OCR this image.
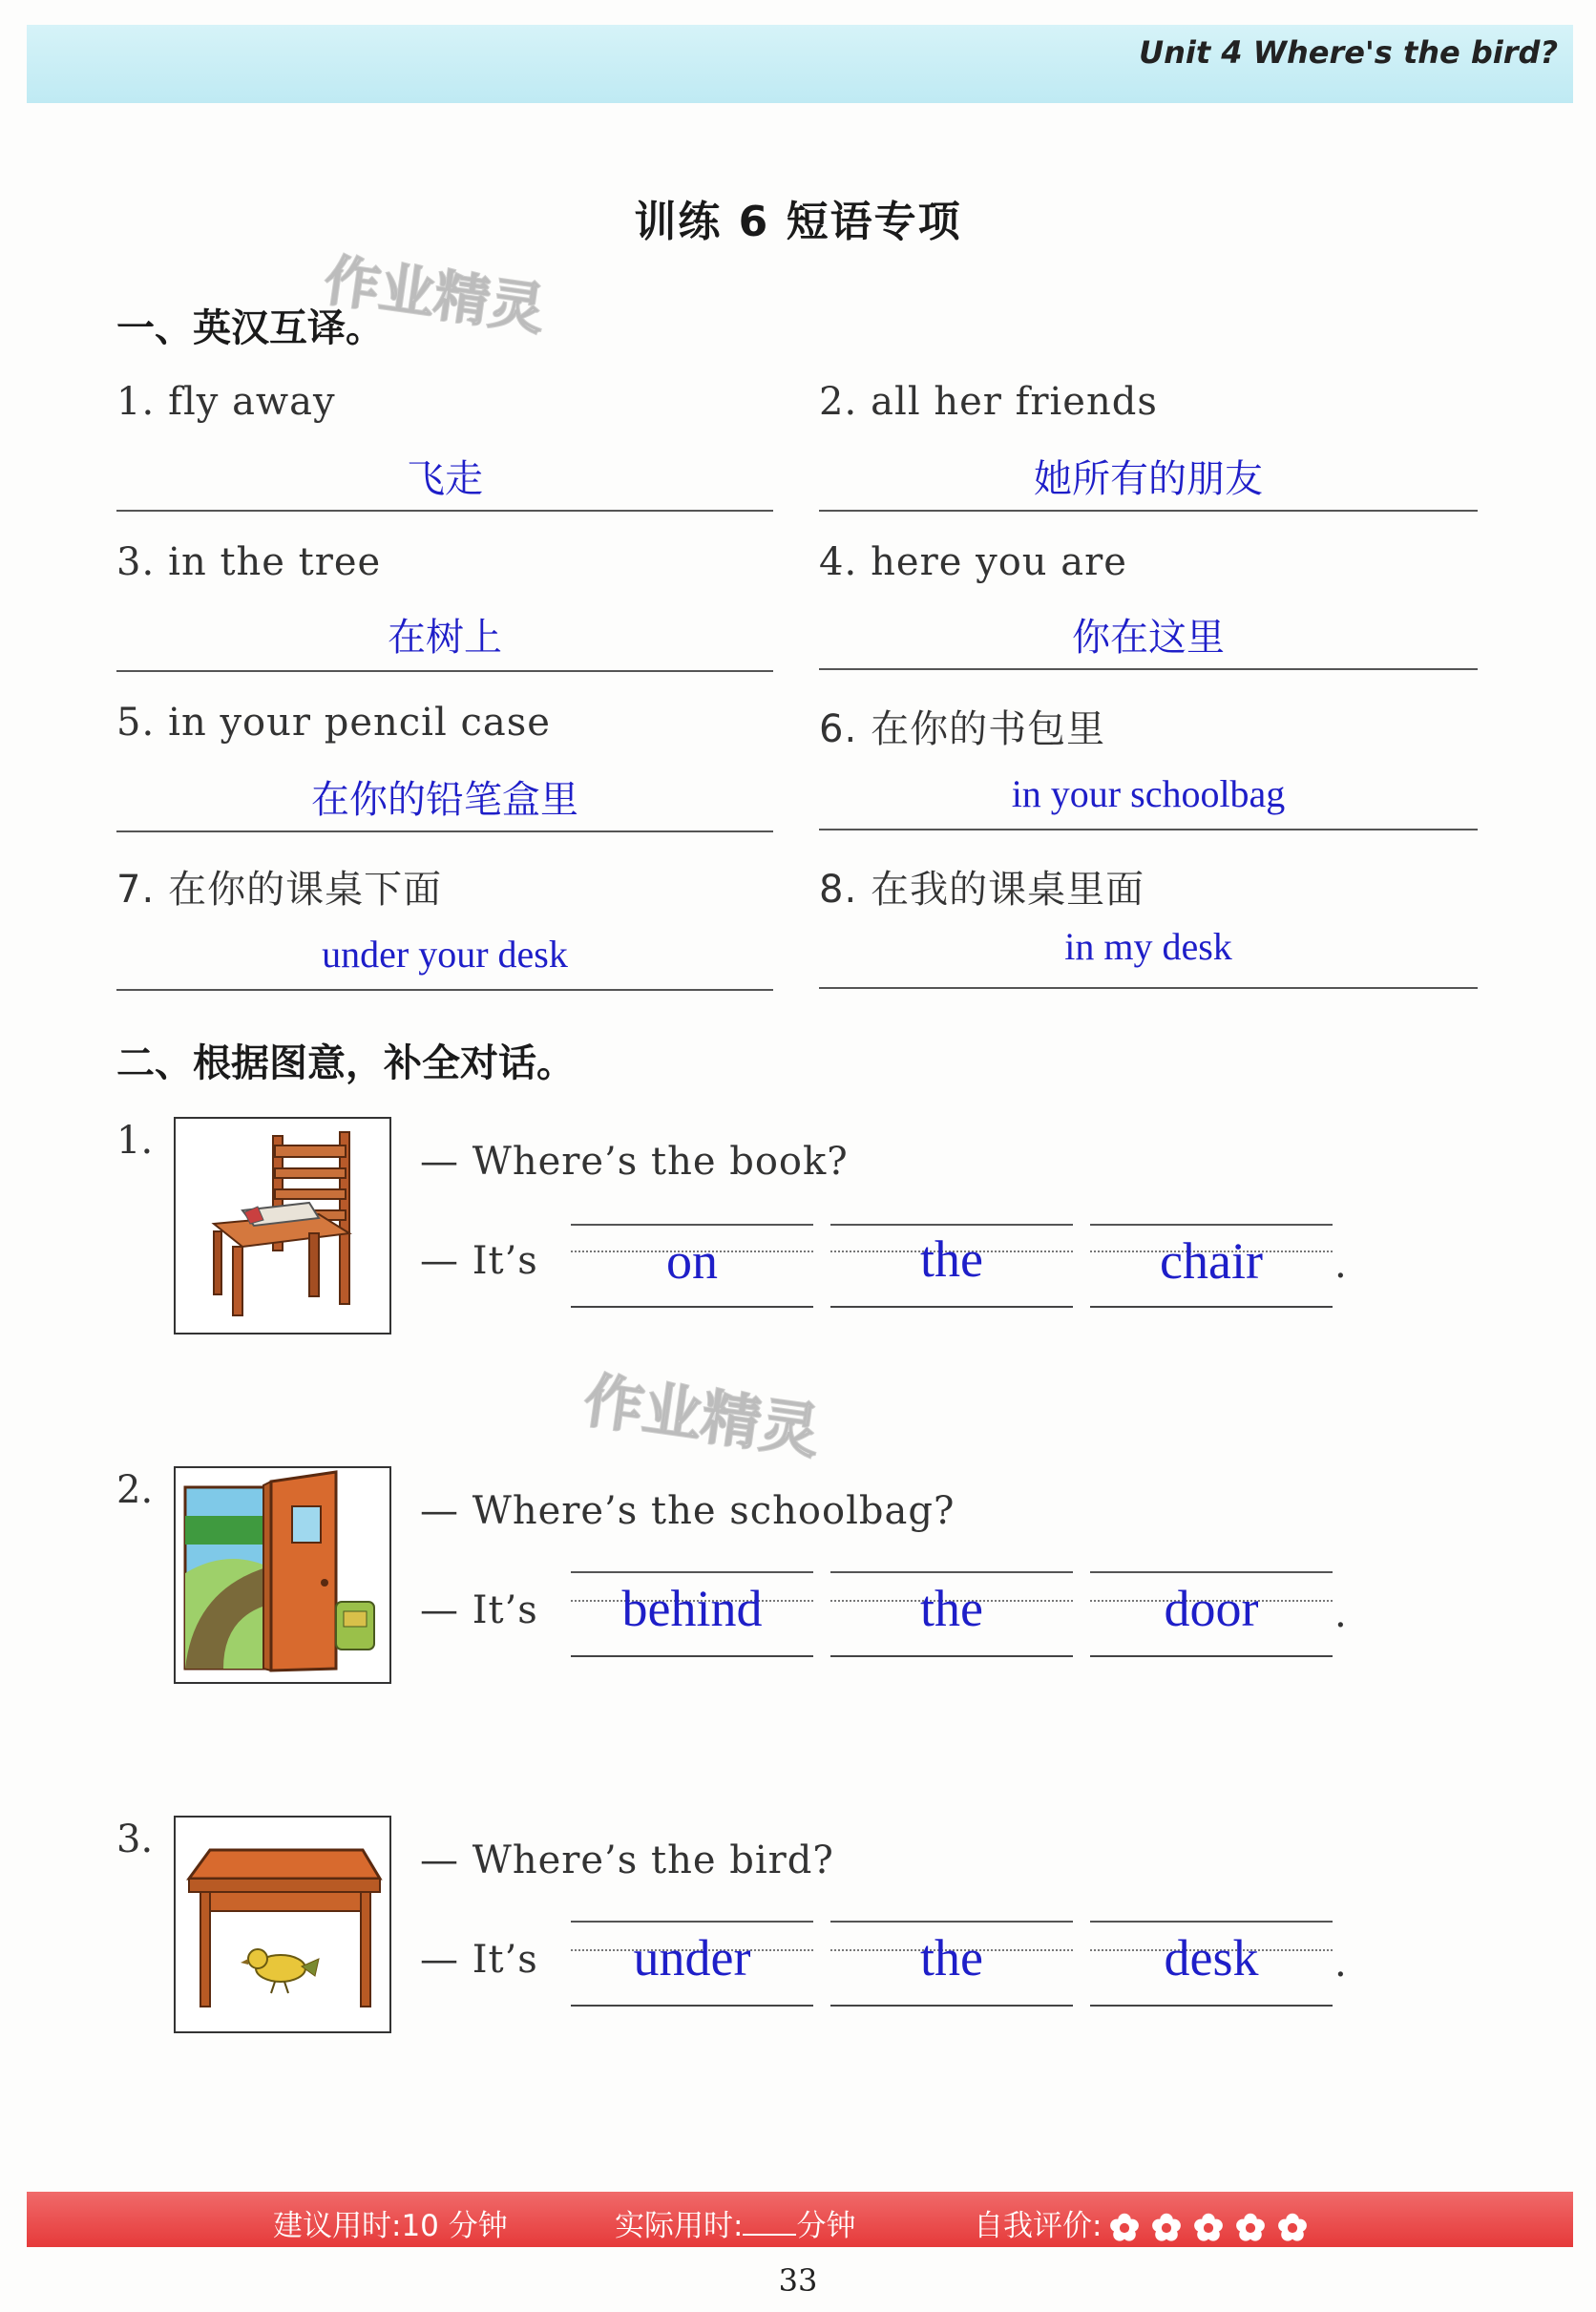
Unit 4 Where's the bird?
训练 6 短语专项
作业精灵
作业精灵
一、英汉互译。
1. fly away
飞走
2. all her friends
她所有的朋友
3. in the tree
在树上
4. here you are
你在这里
5. in your pencil case
在你的铅笔盒里
6. 在你的书包里
in your schoolbag
7. 在你的课桌下面
under your desk
8. 在我的课桌里面
in my desk
二、根据图意，补全对话。
1.	— Where’s the book?
— It’s	on	the	chair	.
2.	— Where’s the schoolbag?
— It’s	behind	the	door	.
3.	— Where’s the bird?
— It’s	under	the	desk	.
建议用时:10 分钟	实际用时: 分钟	自我评价:
33
